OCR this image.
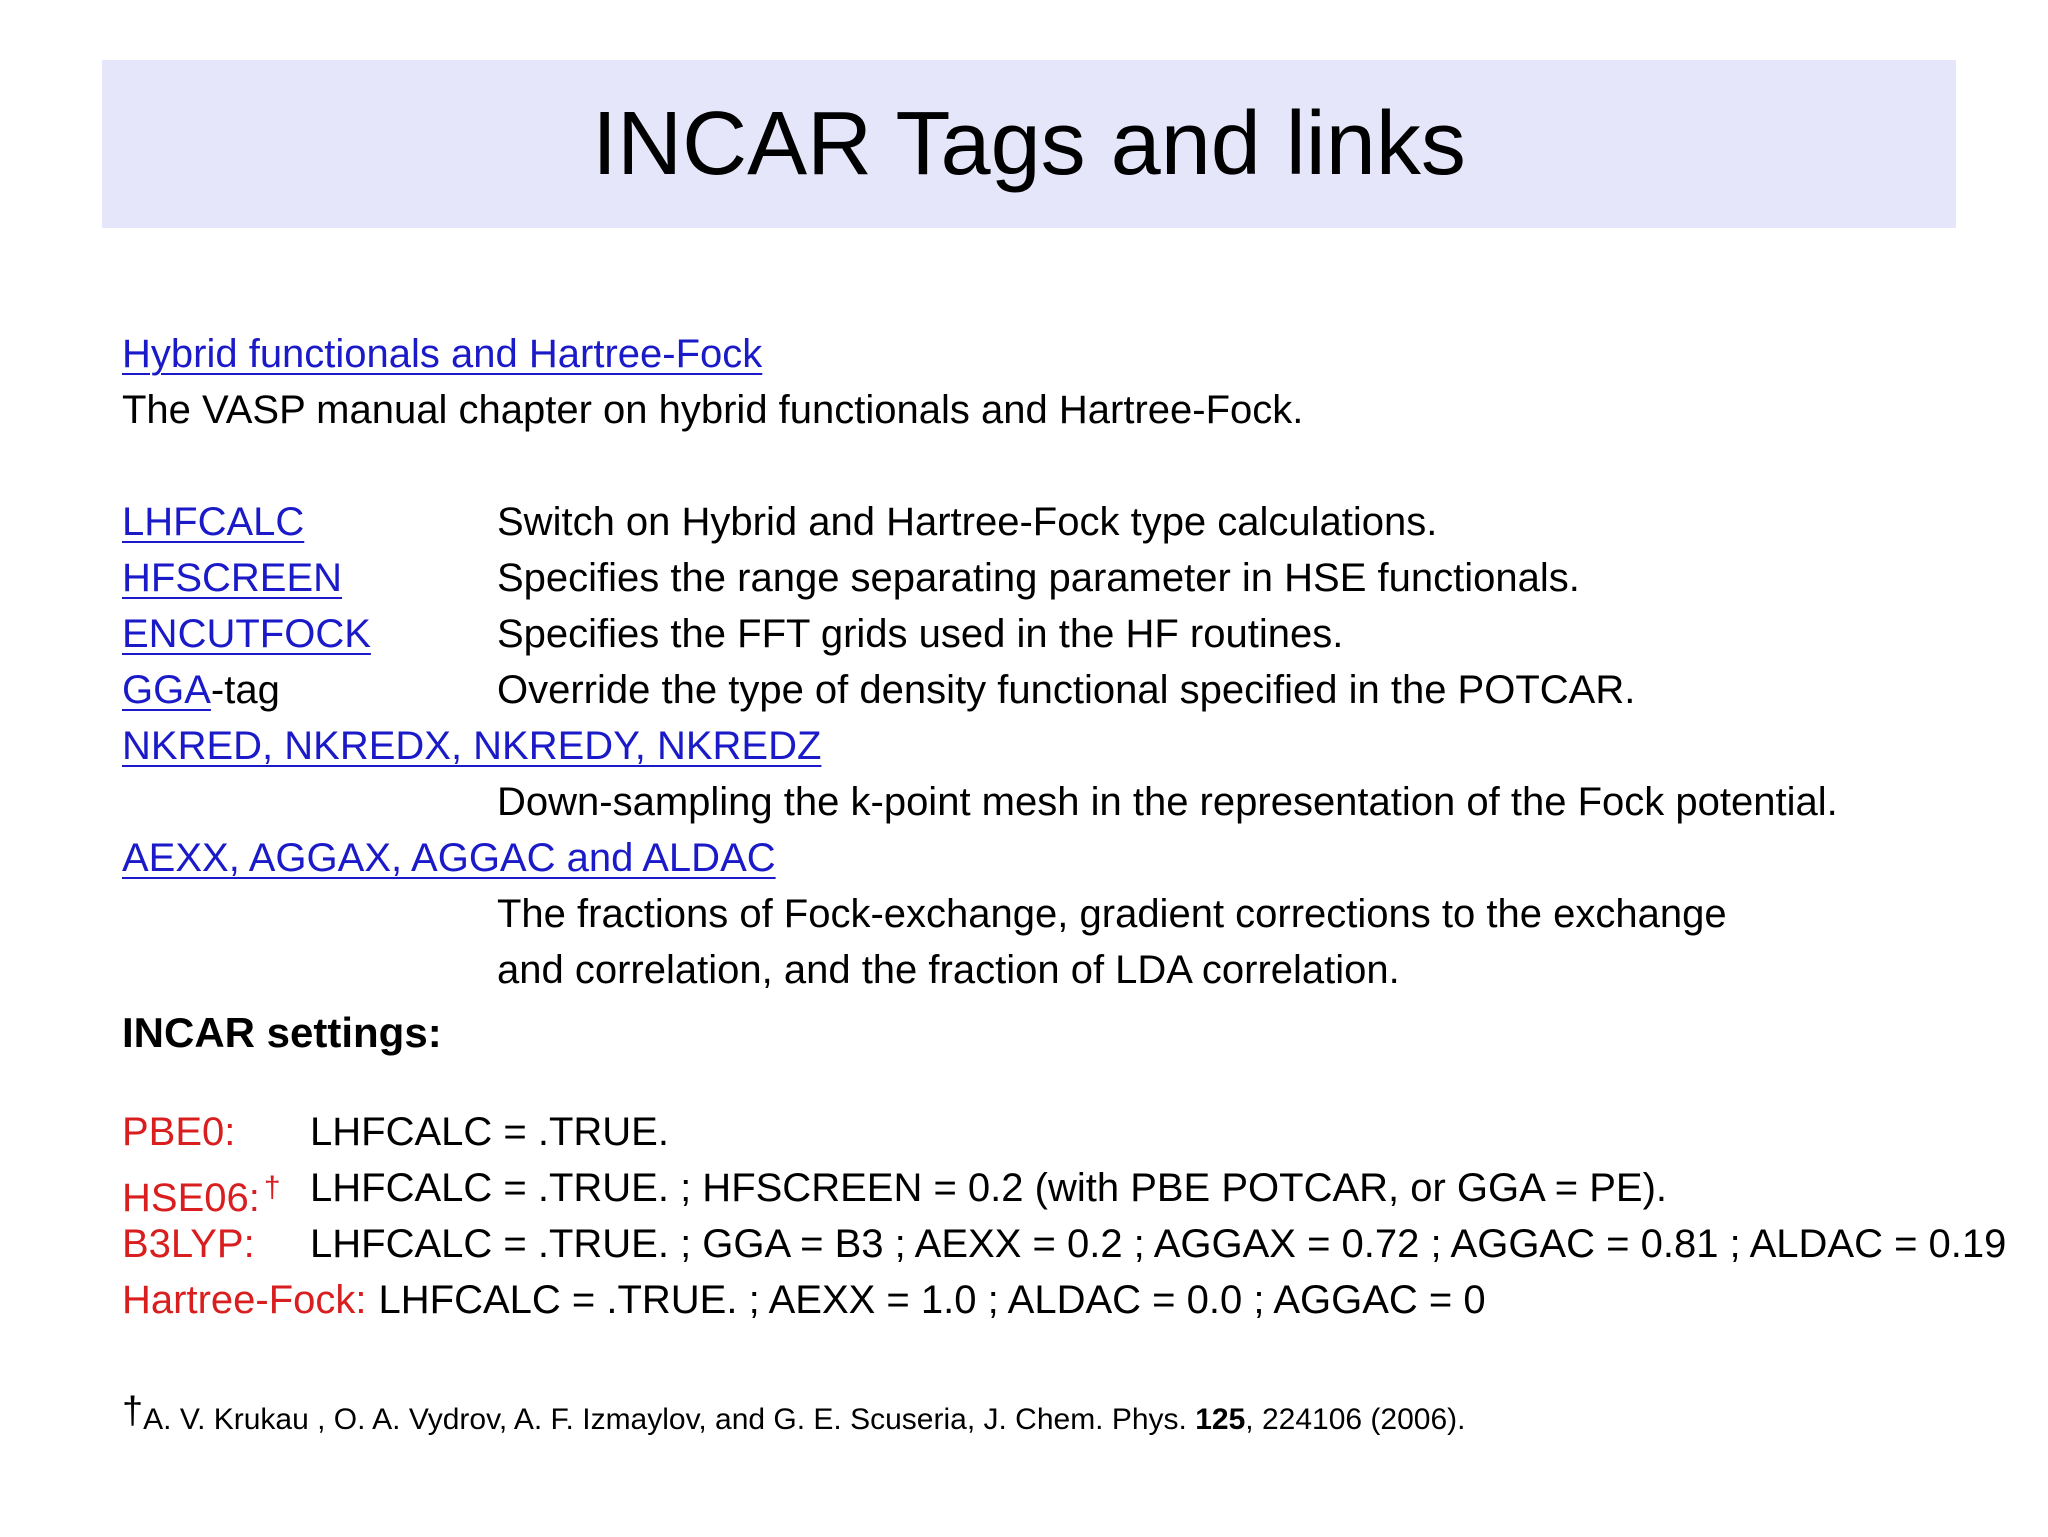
INCAR Tags and links
Hybrid functionals and Hartree-Fock
The VASP manual chapter on hybrid functionals and Hartree-Fock.
LHFCALC	Switch on Hybrid and Hartree-Fock type calculations.
HFSCREEN	Specifies the range separating parameter in HSE functionals.
ENCUTFOCK	Specifies the FFT grids used in the HF routines.
GGA-tag	Override the type of density functional specified in the POTCAR.
NKRED, NKREDX, NKREDY, NKREDZ
Down-sampling the k-point mesh in the representation of the Fock potential.
AEXX, AGGAX, AGGAC and ALDAC
The fractions of Fock-exchange, gradient corrections to the exchange
and correlation, and the fraction of LDA correlation.
INCAR settings:
PBE0:	LHFCALC = .TRUE.
HSE06: † LHFCALC = .TRUE. ; HFSCREEN = 0.2 (with PBE POTCAR, or GGA = PE).
B3LYP:	LHFCALC = .TRUE. ; GGA = B3 ; AEXX = 0.2 ; AGGAX = 0.72 ; AGGAC = 0.81 ; ALDAC = 0.19
Hartree-Fock: LHFCALC = .TRUE. ; AEXX = 1.0 ; ALDAC = 0.0 ; AGGAC = 0
†A. V. Krukau , O. A. Vydrov, A. F. Izmaylov, and G. E. Scuseria, J. Chem. Phys. 125, 224106 (2006).
